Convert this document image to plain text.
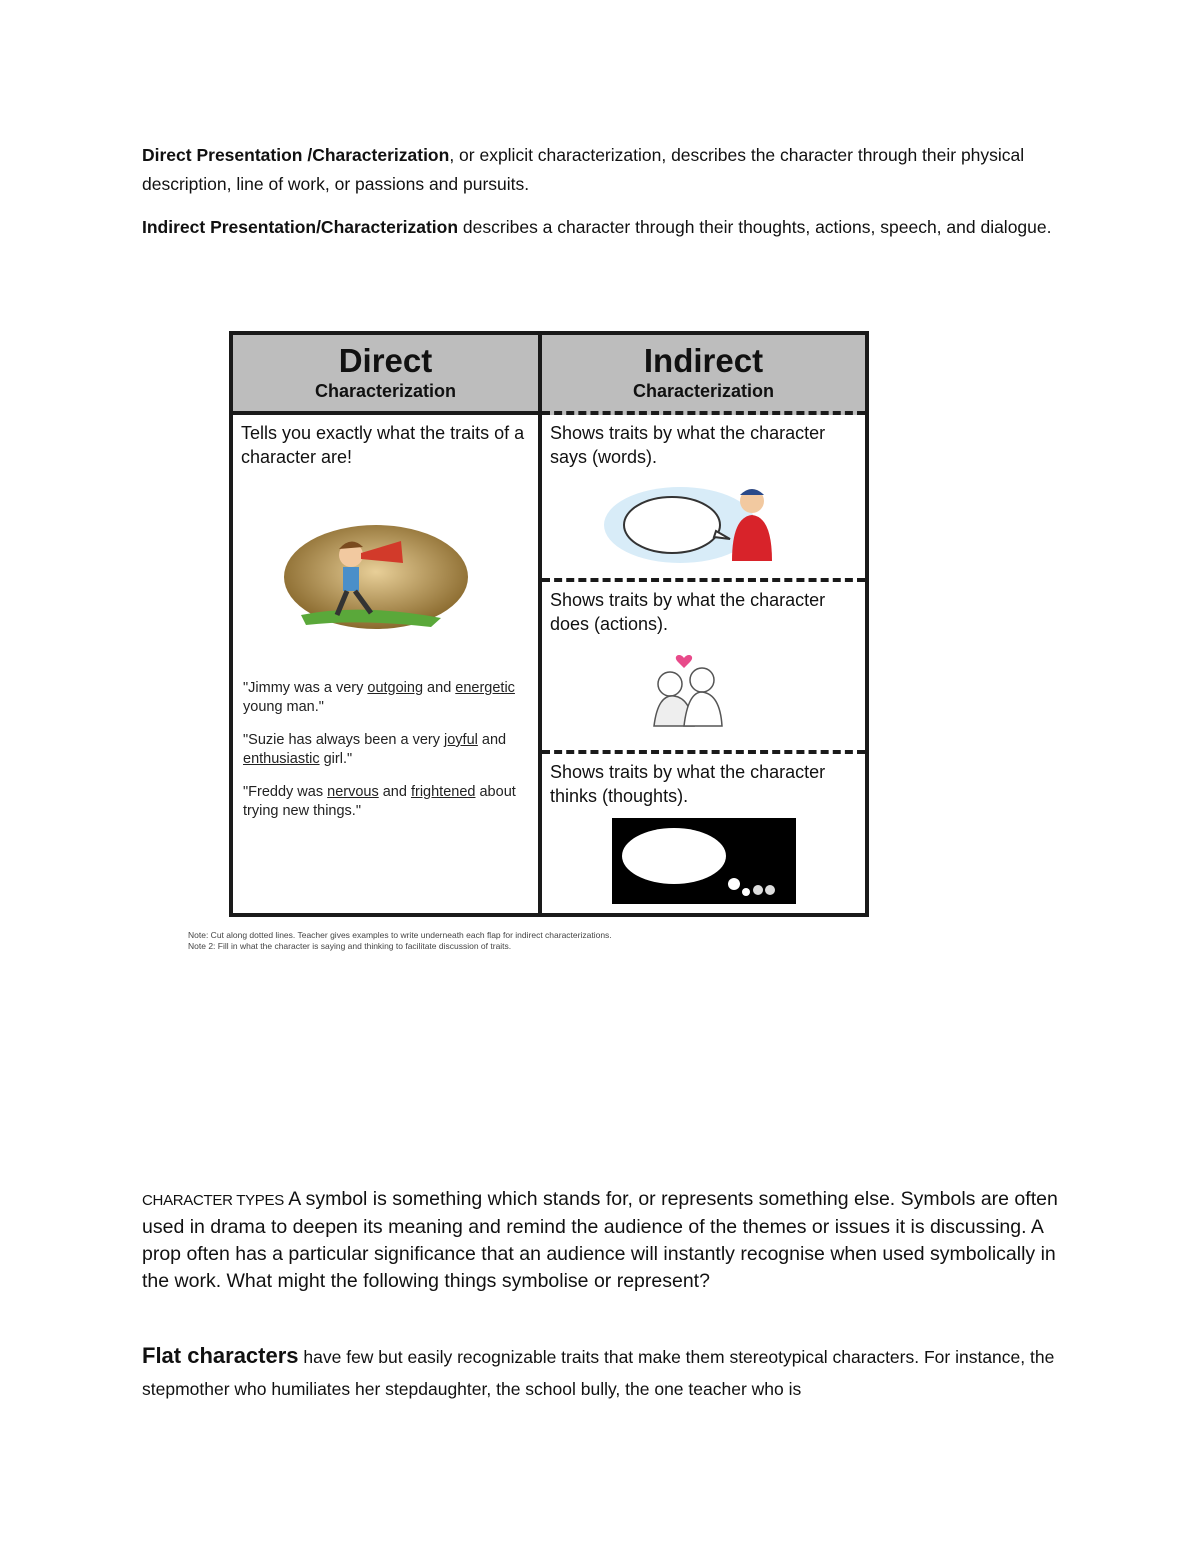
Direct Presentation /Characterization, or explicit characterization, describes the character through their physical description, line of work, or passions and pursuits.
Indirect Presentation/Characterization describes a character through their thoughts, actions, speech, and dialogue.
Direct
Characterization
Tells you exactly what the traits of a character are!
"Jimmy was a very outgoing and energetic young man."
"Suzie has always been a very joyful and enthusiastic girl."
"Freddy was nervous and frightened about trying new things."
Indirect
Characterization
Shows traits by what the character says (words).
Shows traits by what the character does (actions).
Shows traits by what the character thinks (thoughts).
Note: Cut along dotted lines. Teacher gives examples to write underneath each flap for indirect characterizations.
Note 2: Fill in what the character is saying and thinking to facilitate discussion of traits.
CHARACTER TYPES A symbol is something which stands for, or represents something else. Symbols are often used in drama to deepen its meaning and remind the audience of the themes or issues it is discussing. A prop often has a particular significance that an audience will instantly recognise when used symbolically in the work. What might the following things symbolise or represent?
Flat characters have few but easily recognizable traits that make them stereotypical characters. For instance, the stepmother who humiliates her stepdaughter, the school bully, the one teacher who is
